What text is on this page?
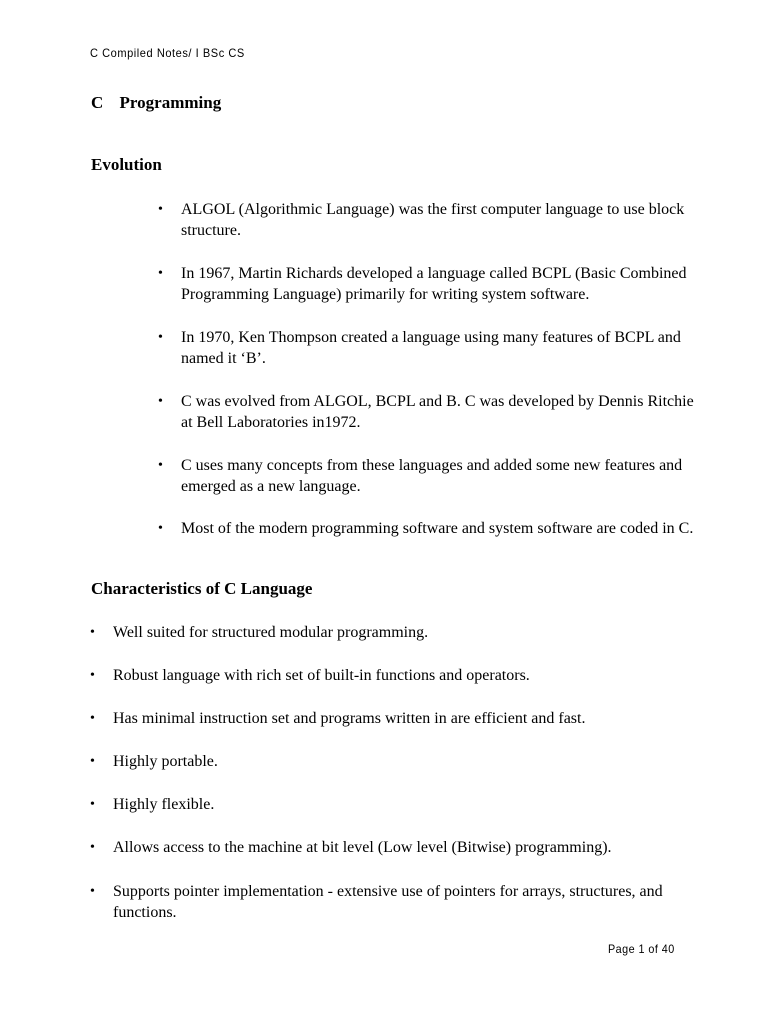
C Compiled Notes/ I BSc CS
C Programming
Evolution
• ALGOL (Algorithmic Language) was the first computer language to use block structure.
• In 1967, Martin Richards developed a language called BCPL (Basic Combined Programming Language) primarily for writing system software.
• In 1970, Ken Thompson created a language using many features of BCPL and named it ‘B’.
• C was evolved from ALGOL, BCPL and B. C was developed by Dennis Ritchie at Bell Laboratories in1972.
• C uses many concepts from these languages and added some new features and emerged as a new language.
• Most of the modern programming software and system software are coded in C.
Characteristics of C Language
• Well suited for structured modular programming.
• Robust language with rich set of built-in functions and operators.
• Has minimal instruction set and programs written in are efficient and fast.
• Highly portable.
• Highly flexible.
• Allows access to the machine at bit level (Low level (Bitwise) programming).
• Supports pointer implementation - extensive use of pointers for arrays, structures, and functions.
Page 1 of 40
